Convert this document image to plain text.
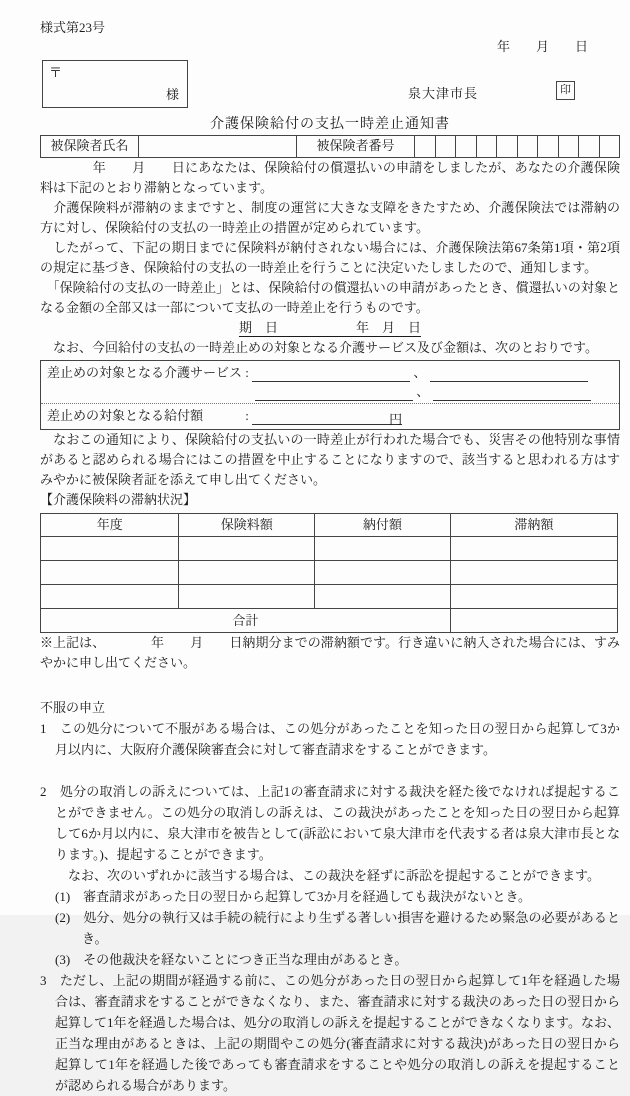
様式第23号
年　　月　　日
〒
様	泉大津市長	印
介護保険給付の支払一時差止通知書
被保険者氏名	被保険者番号

　　　　年　　月　　日にあなたは、保険給付の償還払いの申請をしましたが、あなたの介護保険料は下記のとおり滞納となっています。

　介護保険料が滞納のままですと、制度の運営に大きな支障をきたすため、介護保険法では滞納の方に対し、保険給付の支払の一時差止の措置が定められています。

　したがって、下記の期日までに保険料が納付されない場合には、介護保険法第67条第1項・第2項の規定に基づき、保険給付の支払の一時差止を行うことに決定いたしましたので、通知します。

　「保険給付の支払の一時差止」とは、保険給付の償還払いの申請があったとき、償還払いの対象となる金額の全部又は一部について支払の一時差止を行うものです。

期　日　　　　　　年　月　日

　なお、今回給付の支払の一時差止めの対象となる介護サービス及び金額は、次のとおりです。

差止めの対象となる介護サービス :	、
、
差止めの対象となる給付額　　　 :	円

　なおこの通知により、保険給付の支払いの一時差止が行われた場合でも、災害その他特別な事情があると認められる場合にはこの措置を中止することになりますので、該当すると思われる方はすみやかに被保険者証を添えて申し出てください。

【介護保険料の滞納状況】

年度	保険料額	納付額	滞納額

合計			

※上記は、　　　　年　　月　　日納期分までの滞納額です。行き違いに納入された場合には、すみやかに申し出てください。

不服の申立

1　この処分について不服がある場合は、この処分があったことを知った日の翌日から起算して3か月以内に、大阪府介護保険審査会に対して審査請求をすることができます。

2　処分の取消しの訴えについては、上記1の審査請求に対する裁決を経た後でなければ提起することができません。この処分の取消しの訴えは、この裁決があったことを知った日の翌日から起算して6か月以内に、泉大津市を被告として(訴訟において泉大津市を代表する者は泉大津市長となります。)、提起することができます。

　なお、次のいずれかに該当する場合は、この裁決を経ずに訴訟を提起することができます。

(1)　審査請求があった日の翌日から起算して3か月を経過しても裁決がないとき。

(2)　処分、処分の執行又は手続の続行により生ずる著しい損害を避けるため緊急の必要があるとき。

(3)　その他裁決を経ないことにつき正当な理由があるとき。

3　ただし、上記の期間が経過する前に、この処分があった日の翌日から起算して1年を経過した場合は、審査請求をすることができなくなり、また、審査請求に対する裁決のあった日の翌日から起算して1年を経過した場合は、処分の取消しの訴えを提起することができなくなります。なお、正当な理由があるときは、上記の期間やこの処分(審査請求に対する裁決)があった日の翌日から起算して1年を経過した後であっても審査請求をすることや処分の取消しの訴えを提起することが認められる場合があります。
